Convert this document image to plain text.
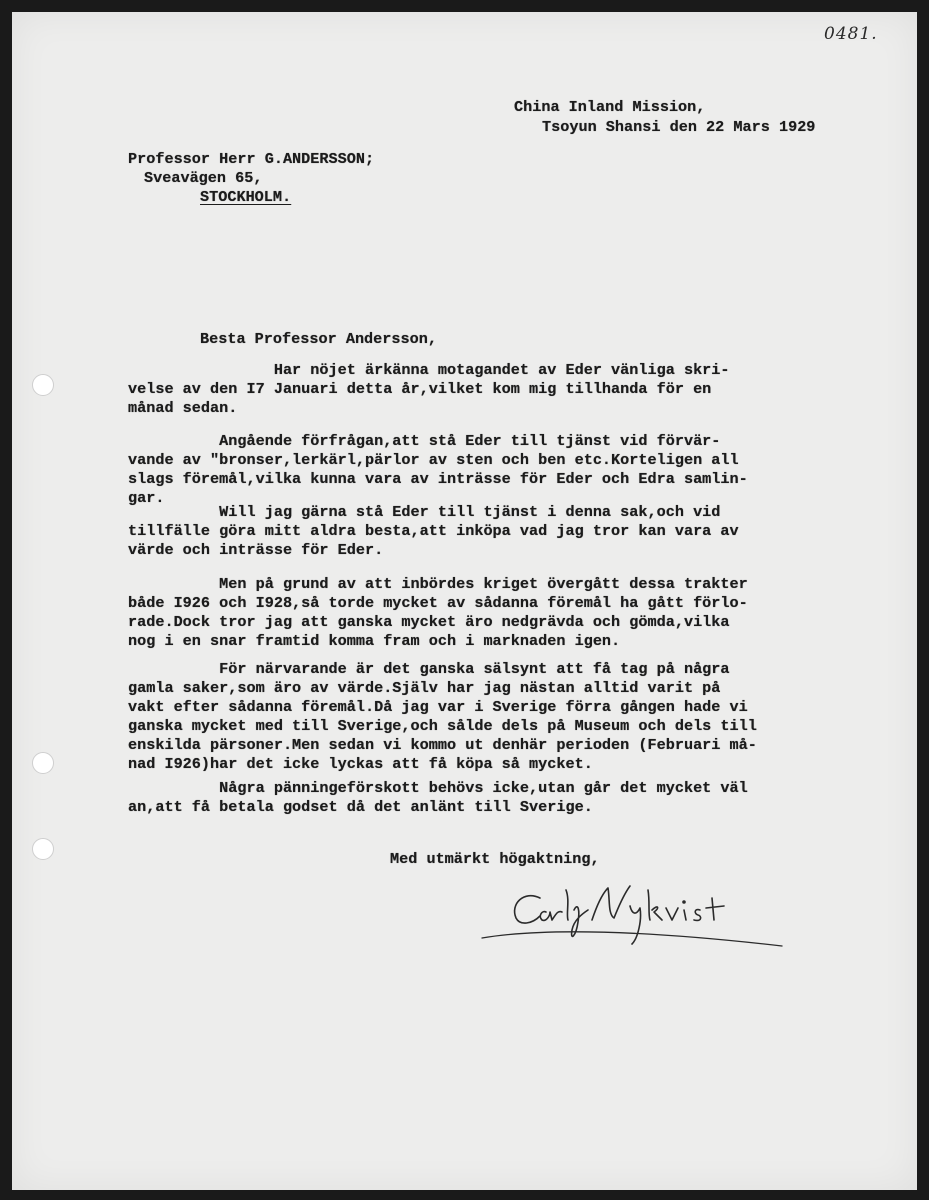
0481.
China Inland Mission,
Tsoyun Shansi den 22 Mars 1929
Professor Herr G.ANDERSSON;
Sveavägen 65,
STOCKHOLM.
Besta Professor Andersson,
Har nöjet ärkänna motagandet av Eder vänliga skri-
velse av den I7 Januari detta år,vilket kom mig tillhanda för en
månad sedan.
Angående förfrågan,att stå Eder till tjänst vid förvär-
vande av "bronser,lerkärl,pärlor av sten och ben etc.Korteligen all
slags föremål,vilka kunna vara av inträsse för Eder och Edra samlin-
gar.
Will jag gärna stå Eder till tjänst i denna sak,och vid
tillfälle göra mitt aldra besta,att inköpa vad jag tror kan vara av
värde och inträsse för Eder.
Men på grund av att inbördes kriget övergått dessa trakter
både I926 och I928,så torde mycket av sådanna föremål ha gått förlo-
rade.Dock tror jag att ganska mycket äro nedgrävda och gömda,vilka
nog i en snar framtid komma fram och i marknaden igen.
För närvarande är det ganska sälsynt att få tag på några
gamla saker,som äro av värde.Själv har jag nästan alltid varit på
vakt efter sådanna föremål.Då jag var i Sverige förra gången hade vi
ganska mycket med till Sverige,och sålde dels på Museum och dels till
enskilda pärsoner.Men sedan vi kommo ut denhär perioden (Februari må-
nad I926)har det icke lyckas att få köpa så mycket.
Några pänningeförskott behövs icke,utan går det mycket väl
an,att få betala godset då det anlänt till Sverige.
Med utmärkt högaktning,
